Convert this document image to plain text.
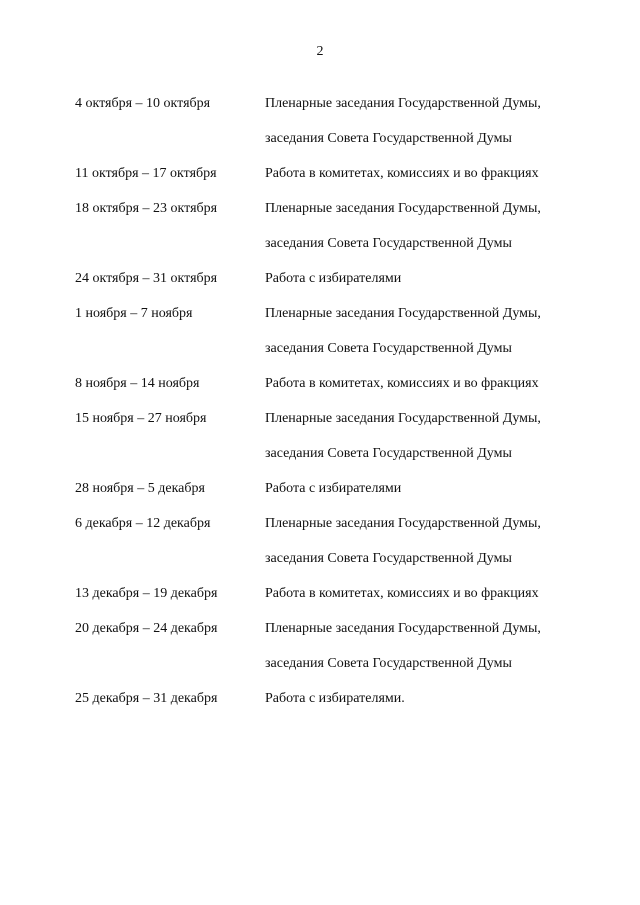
2
4 октября – 10 октября	Пленарные заседания Государственной Думы,
заседания Совета Государственной Думы
11 октября – 17 октября	Работа в комитетах, комиссиях и во фракциях
18 октября – 23 октября	Пленарные заседания Государственной Думы,
заседания Совета Государственной Думы
24 октября – 31 октября	Работа с избирателями
1 ноября – 7 ноября	Пленарные заседания Государственной Думы,
заседания Совета Государственной Думы
8 ноября – 14 ноября	Работа в комитетах, комиссиях и во фракциях
15 ноября – 27 ноября	Пленарные заседания Государственной Думы,
заседания Совета Государственной Думы
28 ноября – 5 декабря	Работа с избирателями
6 декабря – 12 декабря	Пленарные заседания Государственной Думы,
заседания Совета Государственной Думы
13 декабря – 19 декабря	Работа в комитетах, комиссиях и во фракциях
20 декабря – 24 декабря	Пленарные заседания Государственной Думы,
заседания Совета Государственной Думы
25 декабря – 31 декабря	Работа с избирателями.
